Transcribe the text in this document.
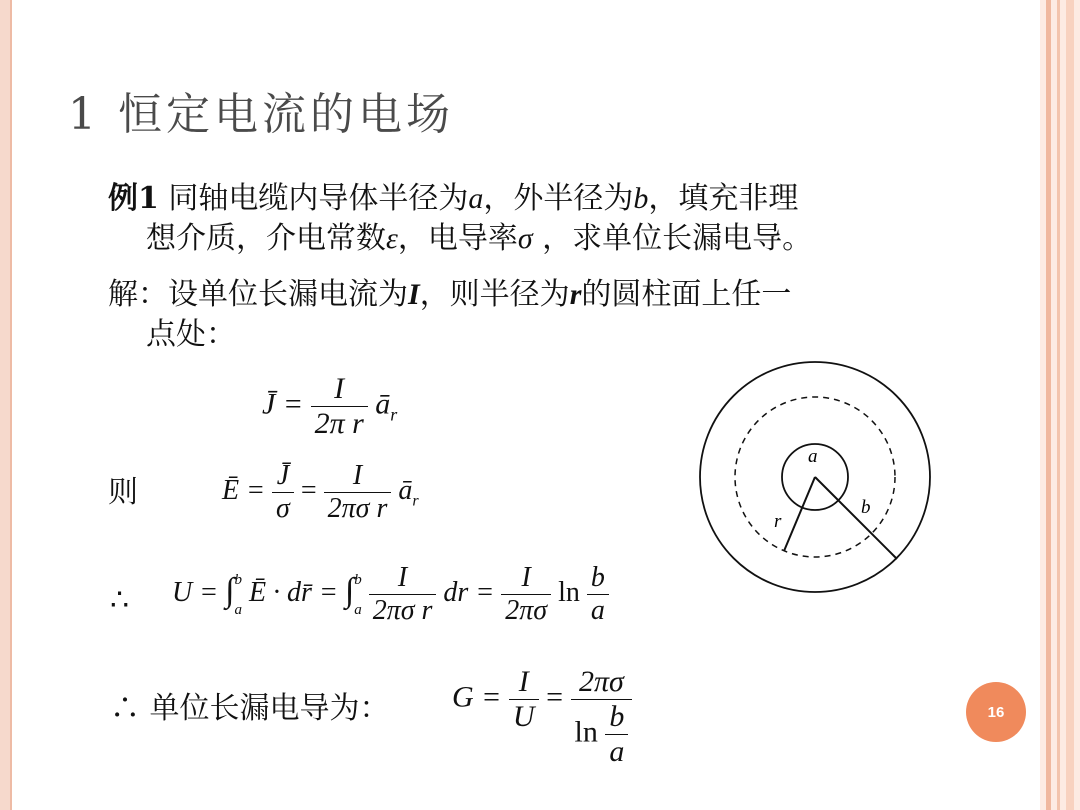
1 恒定电流的电场
例1 同轴电缆内导体半径为a，外半径为b，填充非理
想介质，介电常数ε，电导率σ ，求单位长漏电导。
解：设单位长漏电流为I，则半径为r的圆柱面上任一
点处：
J̄ = $\frac{I}{\text{2π r}}$ $ā_r$
则	Ē = $\frac{J̄}{\sigma} = \frac{I}{\text{2πσ r}}$ $ā_r$
∴ U = ∫ b
a
Ē · dr̄ = ∫ b
a
$\frac{I}{\text{2πσ r}}$ dr = $\frac{I}{2\pi\sigma}$ $\ln \frac{b}{a}$
∴ 单位长漏电导为： $G = \frac{I}{U} = \frac{2\pi\sigma}{\ln \frac{b}{a}}$
a
r
b
16
